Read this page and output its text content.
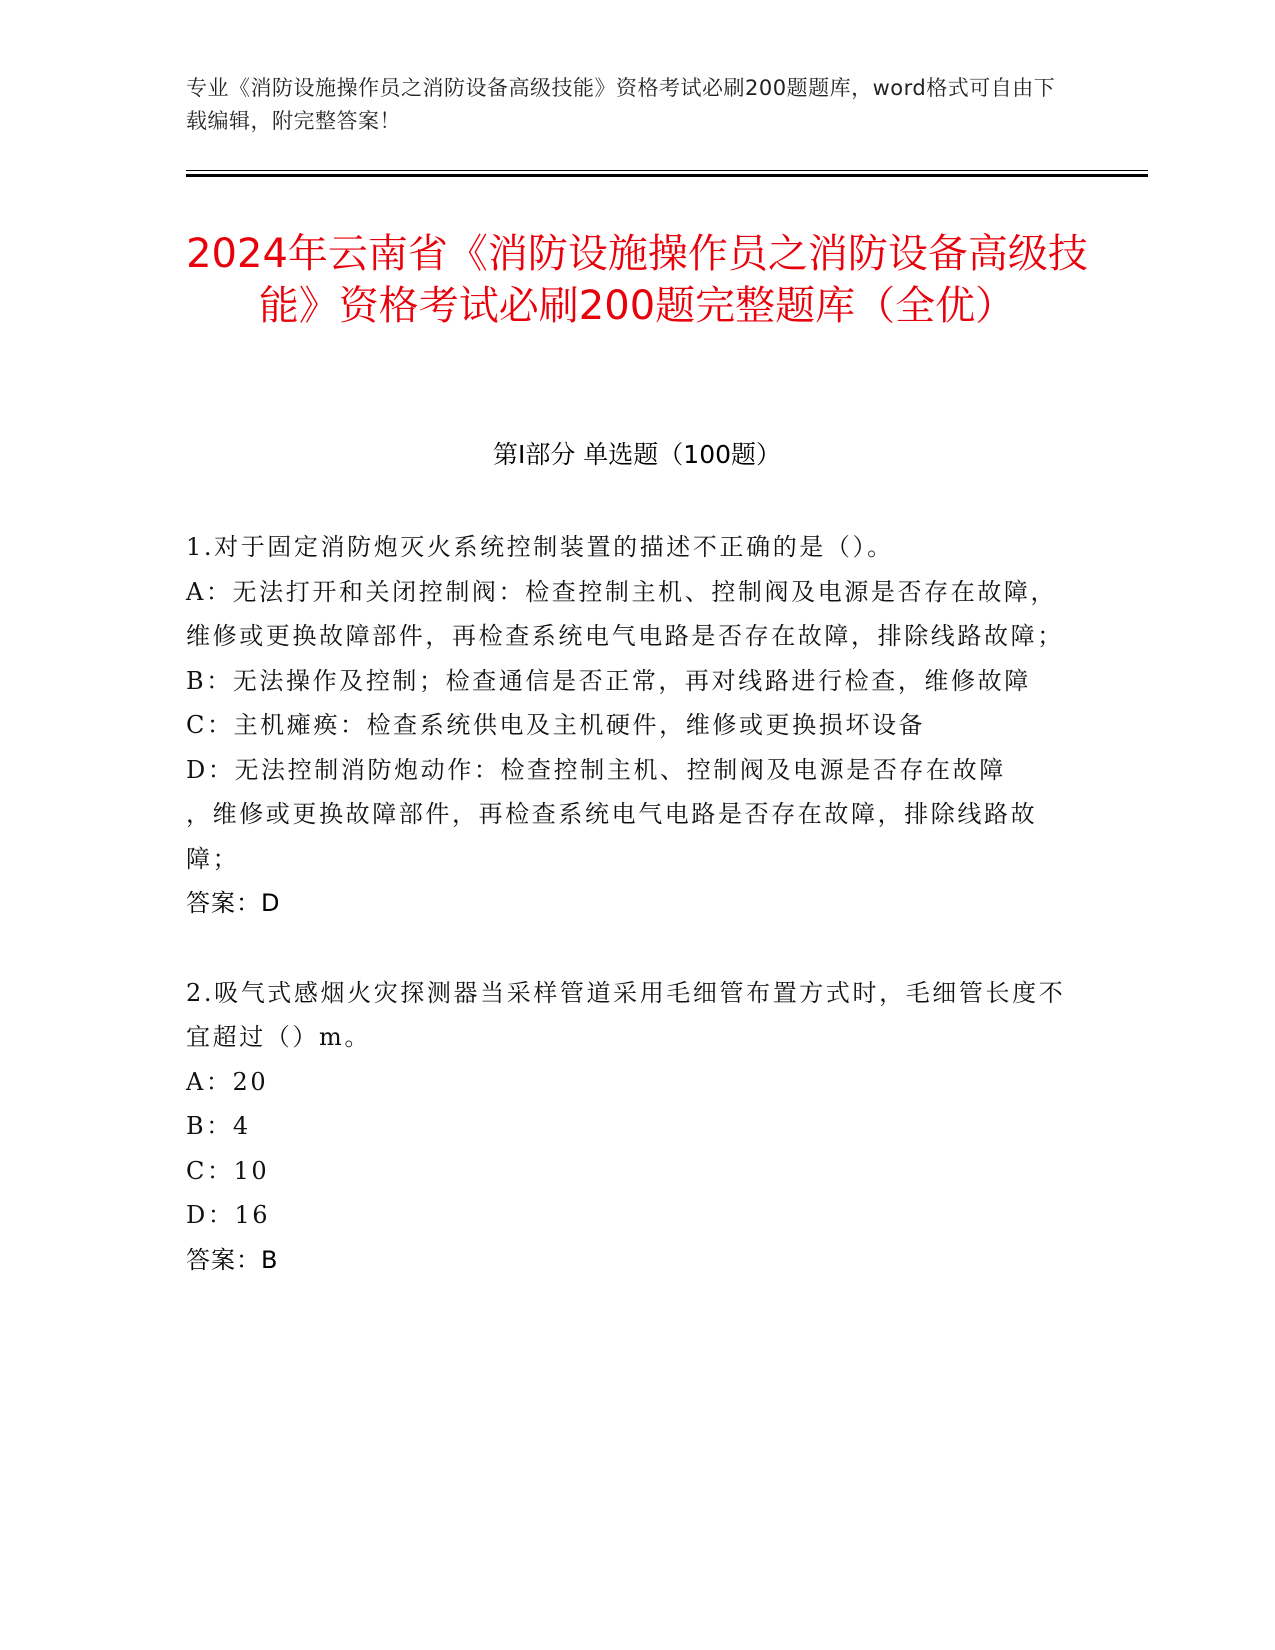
专业《消防设施操作员之消防设备高级技能》资格考试必刷200题题库，word格式可自由下载编辑，附完整答案！
2024年云南省《消防设施操作员之消防设备高级技能》资格考试必刷200题完整题库（全优）
第I部分 单选题（100题）

1.对于固定消防炮灭火系统控制装置的描述不正确的是（）。

A：无法打开和关闭控制阀：检查控制主机、控制阀及电源是否存在故障，维修或更换故障部件，再检查系统电气电路是否存在故障，排除线路故障；

B：无法操作及控制；检查通信是否正常，再对线路进行检查，维修故障

C：主机瘫痪：检查系统供电及主机硬件，维修或更换损坏设备

D：无法控制消防炮动作：检查控制主机、控制阀及电源是否存在故障
，维修或更换故障部件，再检查系统电气电路是否存在故障，排除线路故障；

答案：D

2.吸气式感烟火灾探测器当采样管道采用毛细管布置方式时，毛细管长度不宜超过（）m。

A：20

B：4

C：10

D：16

答案：B
